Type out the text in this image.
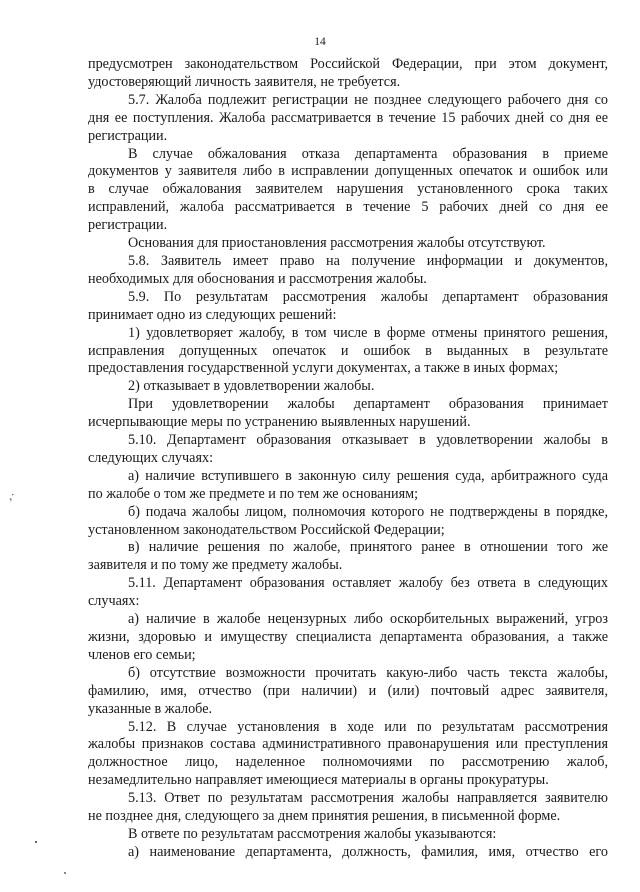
14

предусмотрен законодательством Российской Федерации, при этом документ,

удостоверяющий личность заявителя, не требуется.

5.7. Жалоба подлежит регистрации не позднее следующего рабочего дня со

дня ее поступления. Жалоба рассматривается в течение 15 рабочих дней со дня ее

регистрации.

В случае обжалования отказа департамента образования в приеме

документов у заявителя либо в исправлении допущенных опечаток и ошибок или

в случае обжалования заявителем нарушения установленного срока таких

исправлений, жалоба рассматривается в течение 5 рабочих дней со дня ее

регистрации.

Основания для приостановления рассмотрения жалобы отсутствуют.

5.8. Заявитель имеет право на получение информации и документов,

необходимых для обоснования и рассмотрения жалобы.

5.9. По результатам рассмотрения жалобы департамент образования

принимает одно из следующих решений:

1) удовлетворяет жалобу, в том числе в форме отмены принятого решения,

исправления допущенных опечаток и ошибок в выданных в результате

предоставления государственной услуги документах, а также в иных формах;

2) отказывает в удовлетворении жалобы.

При удовлетворении жалобы департамент образования принимает

исчерпывающие меры по устранению выявленных нарушений.

5.10. Департамент образования отказывает в удовлетворении жалобы в

следующих случаях:

а) наличие вступившего в законную силу решения суда, арбитражного суда

по жалобе о том же предмете и по тем же основаниям;

б) подача жалобы лицом, полномочия которого не подтверждены в порядке,

установленном законодательством Российской Федерации;

в) наличие решения по жалобе, принятого ранее в отношении того же

заявителя и по тому же предмету жалобы.

5.11. Департамент образования оставляет жалобу без ответа в следующих

случаях:

а) наличие в жалобе нецензурных либо оскорбительных выражений, угроз

жизни, здоровью и имуществу специалиста департамента образования, а также

членов его семьи;

б) отсутствие возможности прочитать какую-либо часть текста жалобы,

фамилию, имя, отчество (при наличии) и (или) почтовый адрес заявителя,

указанные в жалобе.

5.12. В случае установления в ходе или по результатам рассмотрения

жалобы признаков состава административного правонарушения или преступления

должностное лицо, наделенное полномочиями по рассмотрению жалоб,

незамедлительно направляет имеющиеся материалы в органы прокуратуры.

5.13. Ответ по результатам рассмотрения жалобы направляется заявителю

не позднее дня, следующего за днем принятия решения, в письменной форме.

В ответе по результатам рассмотрения жалобы указываются:

а) наименование департамента, должность, фамилия, имя, отчество его

,·
